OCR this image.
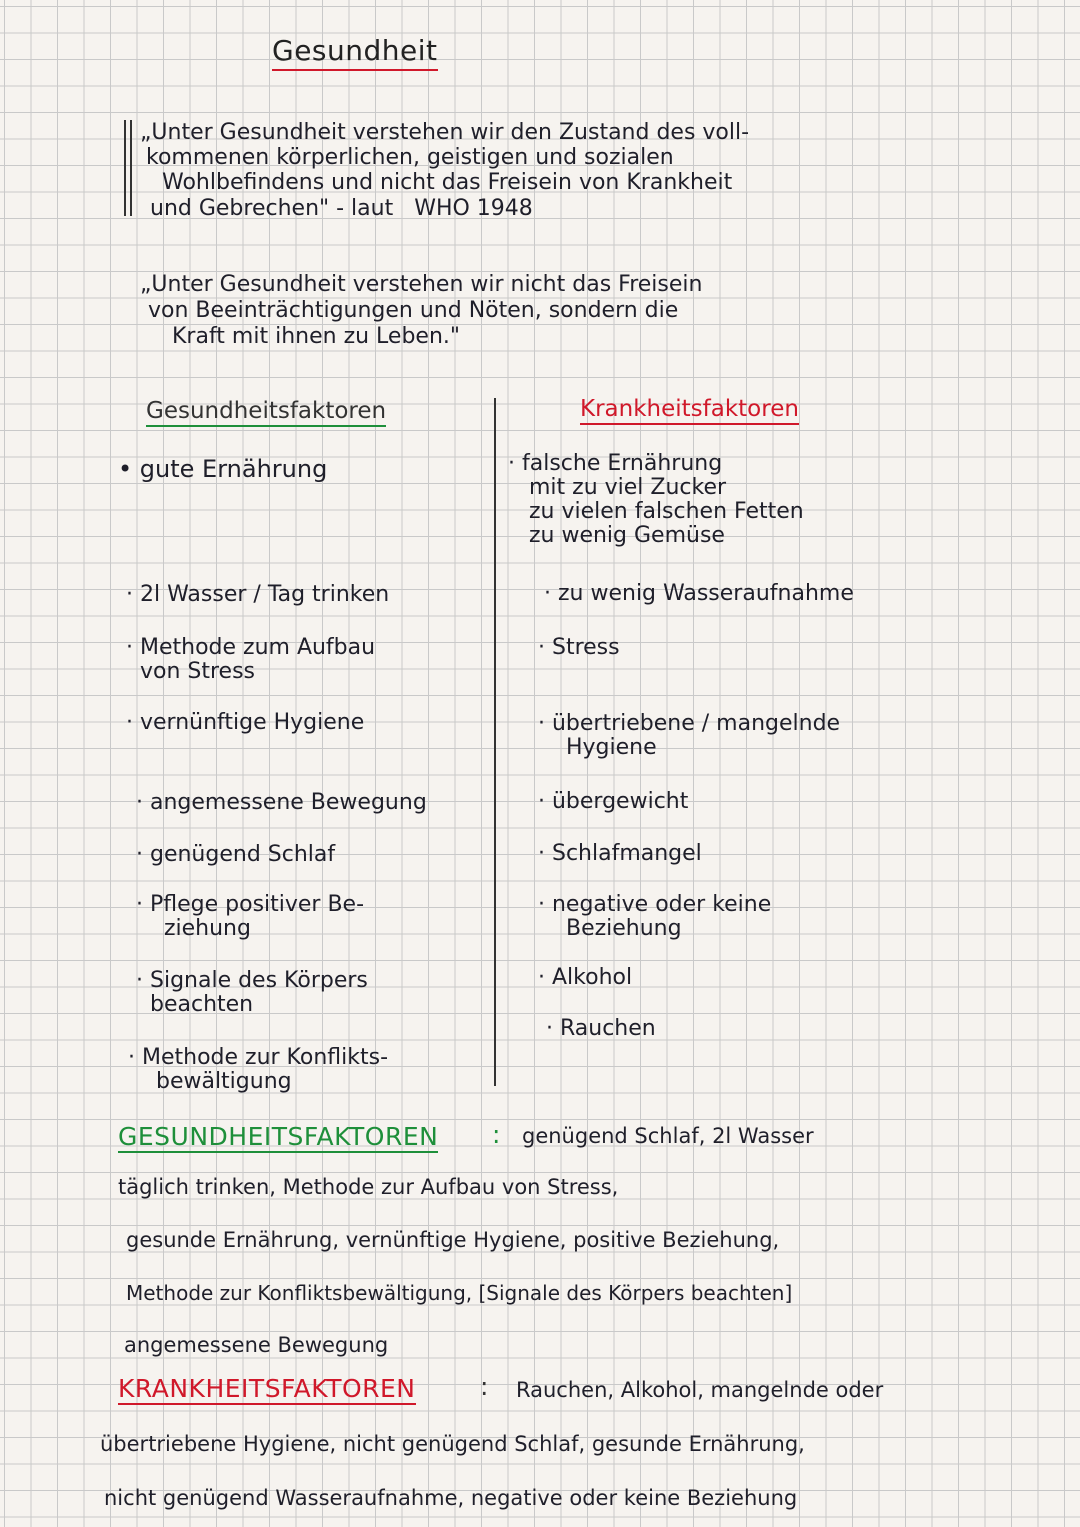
Gesundheit
„Unter Gesundheit verstehen wir den Zustand des voll-
kommenen körperlichen, geistigen und sozialen
Wohlbefindens und nicht das Freisein von Krankheit
und Gebrechen" - laut   WHO 1948
„Unter Gesundheit verstehen wir nicht das Freisein
von Beeinträchtigungen und Nöten, sondern die
Kraft mit ihnen zu Leben."
Gesundheitsfaktoren	Krankheitsfaktoren
• gute Ernährung
· 2l Wasser / Tag trinken
· Methode zum Aufbau
von Stress
· vernünftige Hygiene
· angemessene Bewegung
· genügend Schlaf
· Pflege positiver Be-
ziehung
· Signale des Körpers
beachten
· Methode zur Konflikts-
bewältigung
· falsche Ernährung
mit zu viel Zucker
zu vielen falschen Fetten
zu wenig Gemüse
· zu wenig Wasseraufnahme
· Stress
· übertriebene / mangelnde
Hygiene
· übergewicht
· Schlafmangel
· negative oder keine
Beziehung
· Alkohol
· Rauchen
GESUNDHEITSFAKTOREN : genügend Schlaf, 2l Wasser
täglich trinken, Methode zur Aufbau von Stress,
gesunde Ernährung, vernünftige Hygiene, positive Beziehung,
Methode zur Konfliktsbewältigung, [Signale des Körpers beachten]
angemessene Bewegung
KRANKHEITSFAKTOREN	: Rauchen, Alkohol, mangelnde oder
übertriebene Hygiene, nicht genügend Schlaf, gesunde Ernährung,
nicht genügend Wasseraufnahme, negative oder keine Beziehung
